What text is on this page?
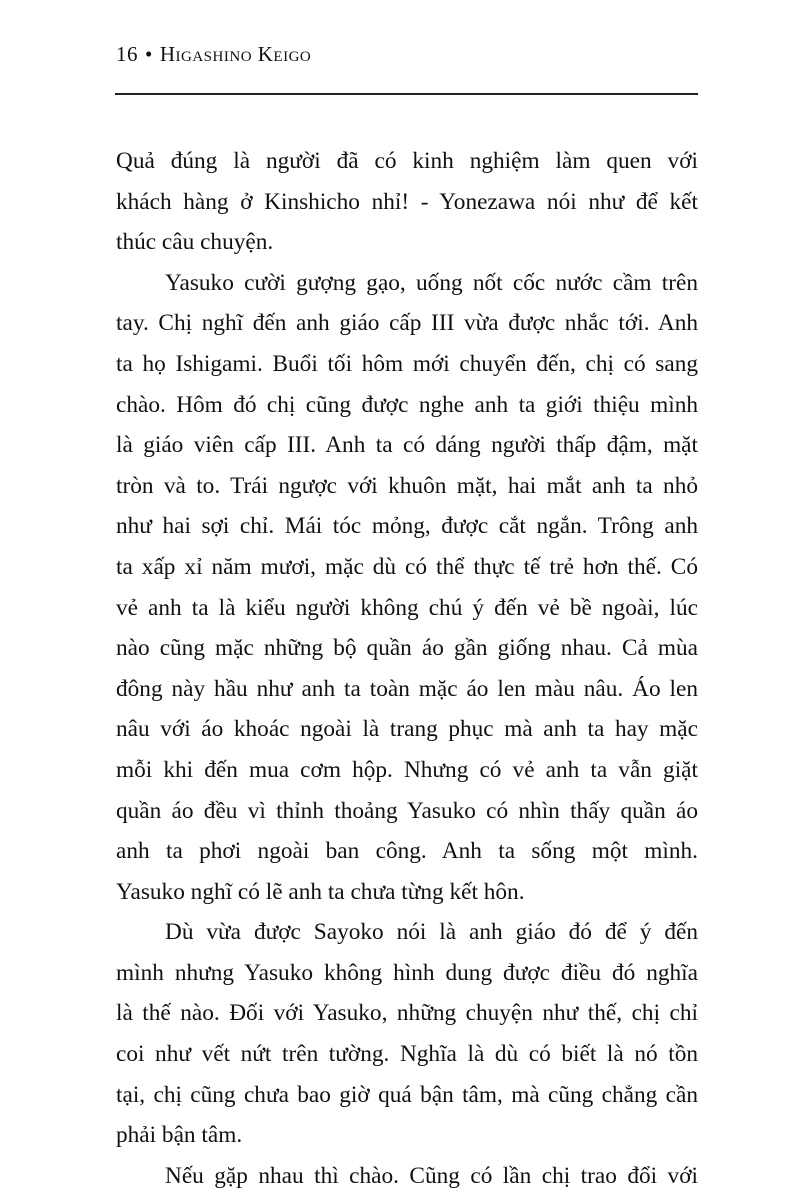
16 • Higashino Keigo
Quả đúng là người đã có kinh nghiệm làm quen với
khách hàng ở Kinshicho nhỉ! - Yonezawa nói như để kết
thúc câu chuyện.
Yasuko cười gượng gạo, uống nốt cốc nước cầm trên
tay. Chị nghĩ đến anh giáo cấp III vừa được nhắc tới. Anh
ta họ Ishigami. Buổi tối hôm mới chuyển đến, chị có sang
chào. Hôm đó chị cũng được nghe anh ta giới thiệu mình
là giáo viên cấp III. Anh ta có dáng người thấp đậm, mặt
tròn và to. Trái ngược với khuôn mặt, hai mắt anh ta nhỏ
như hai sợi chỉ. Mái tóc mỏng, được cắt ngắn. Trông anh
ta xấp xỉ năm mươi, mặc dù có thể thực tế trẻ hơn thế. Có
vẻ anh ta là kiểu người không chú ý đến vẻ bề ngoài, lúc
nào cũng mặc những bộ quần áo gần giống nhau. Cả mùa
đông này hầu như anh ta toàn mặc áo len màu nâu. Áo len
nâu với áo khoác ngoài là trang phục mà anh ta hay mặc
mỗi khi đến mua cơm hộp. Nhưng có vẻ anh ta vẫn giặt
quần áo đều vì thỉnh thoảng Yasuko có nhìn thấy quần áo
anh ta phơi ngoài ban công. Anh ta sống một mình.
Yasuko nghĩ có lẽ anh ta chưa từng kết hôn.
Dù vừa được Sayoko nói là anh giáo đó để ý đến
mình nhưng Yasuko không hình dung được điều đó nghĩa
là thế nào. Đối với Yasuko, những chuyện như thế, chị chỉ
coi như vết nứt trên tường. Nghĩa là dù có biết là nó tồn
tại, chị cũng chưa bao giờ quá bận tâm, mà cũng chẳng cần
phải bận tâm.
Nếu gặp nhau thì chào. Cũng có lần chị trao đổi với
